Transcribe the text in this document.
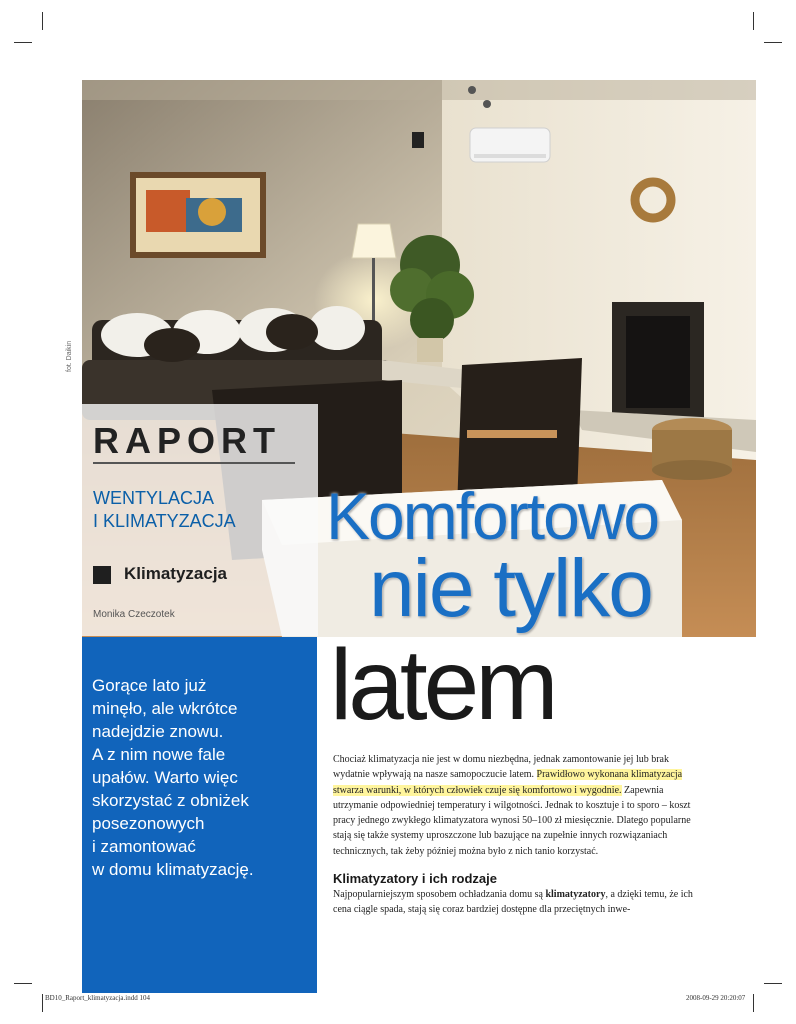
fot. Daikin
RAPORT
WENTYLACJA
I KLIMATYZACJA
Klimatyzacja
Monika Czeczotek
Komfortowo
nie tylko
latem

Gorące lato już

minęło, ale wkrótce

nadejdzie znowu.

A z nim nowe fale

upałów. Warto więc

skorzystać z obniżek

posezonowych

i zamontować

w domu klimatyzację.

Chociaż klimatyzacja nie jest w domu niezbędna, jednak zamontowanie jej lub brak wydatnie wpływają na nasze samopoczucie latem. Prawidłowo wykonana klimatyzacja stwarza warunki, w których człowiek czuje się komfortowo i wygodnie. Zapewnia utrzymanie odpowiedniej temperatury i wilgotności. Jednak to kosztuje i to sporo – koszt pracy jednego zwykłego klimatyzatora wynosi 50–100 zł miesięcznie. Dlatego popularne stają się także systemy uproszczone lub bazujące na zupełnie innych rozwiązaniach technicznych, tak żeby później można było z nich tanio korzystać.
Klimatyzatory i ich rodzaje
Najpopularniejszym sposobem ochładzania domu są klimatyzatory, a dzięki temu, że ich cena ciągle spada, stają się coraz bardziej dostępne dla przeciętnych inwe-
BD10_Raport_klimatyzacja.indd 104	2008-09-29 20:20:07
